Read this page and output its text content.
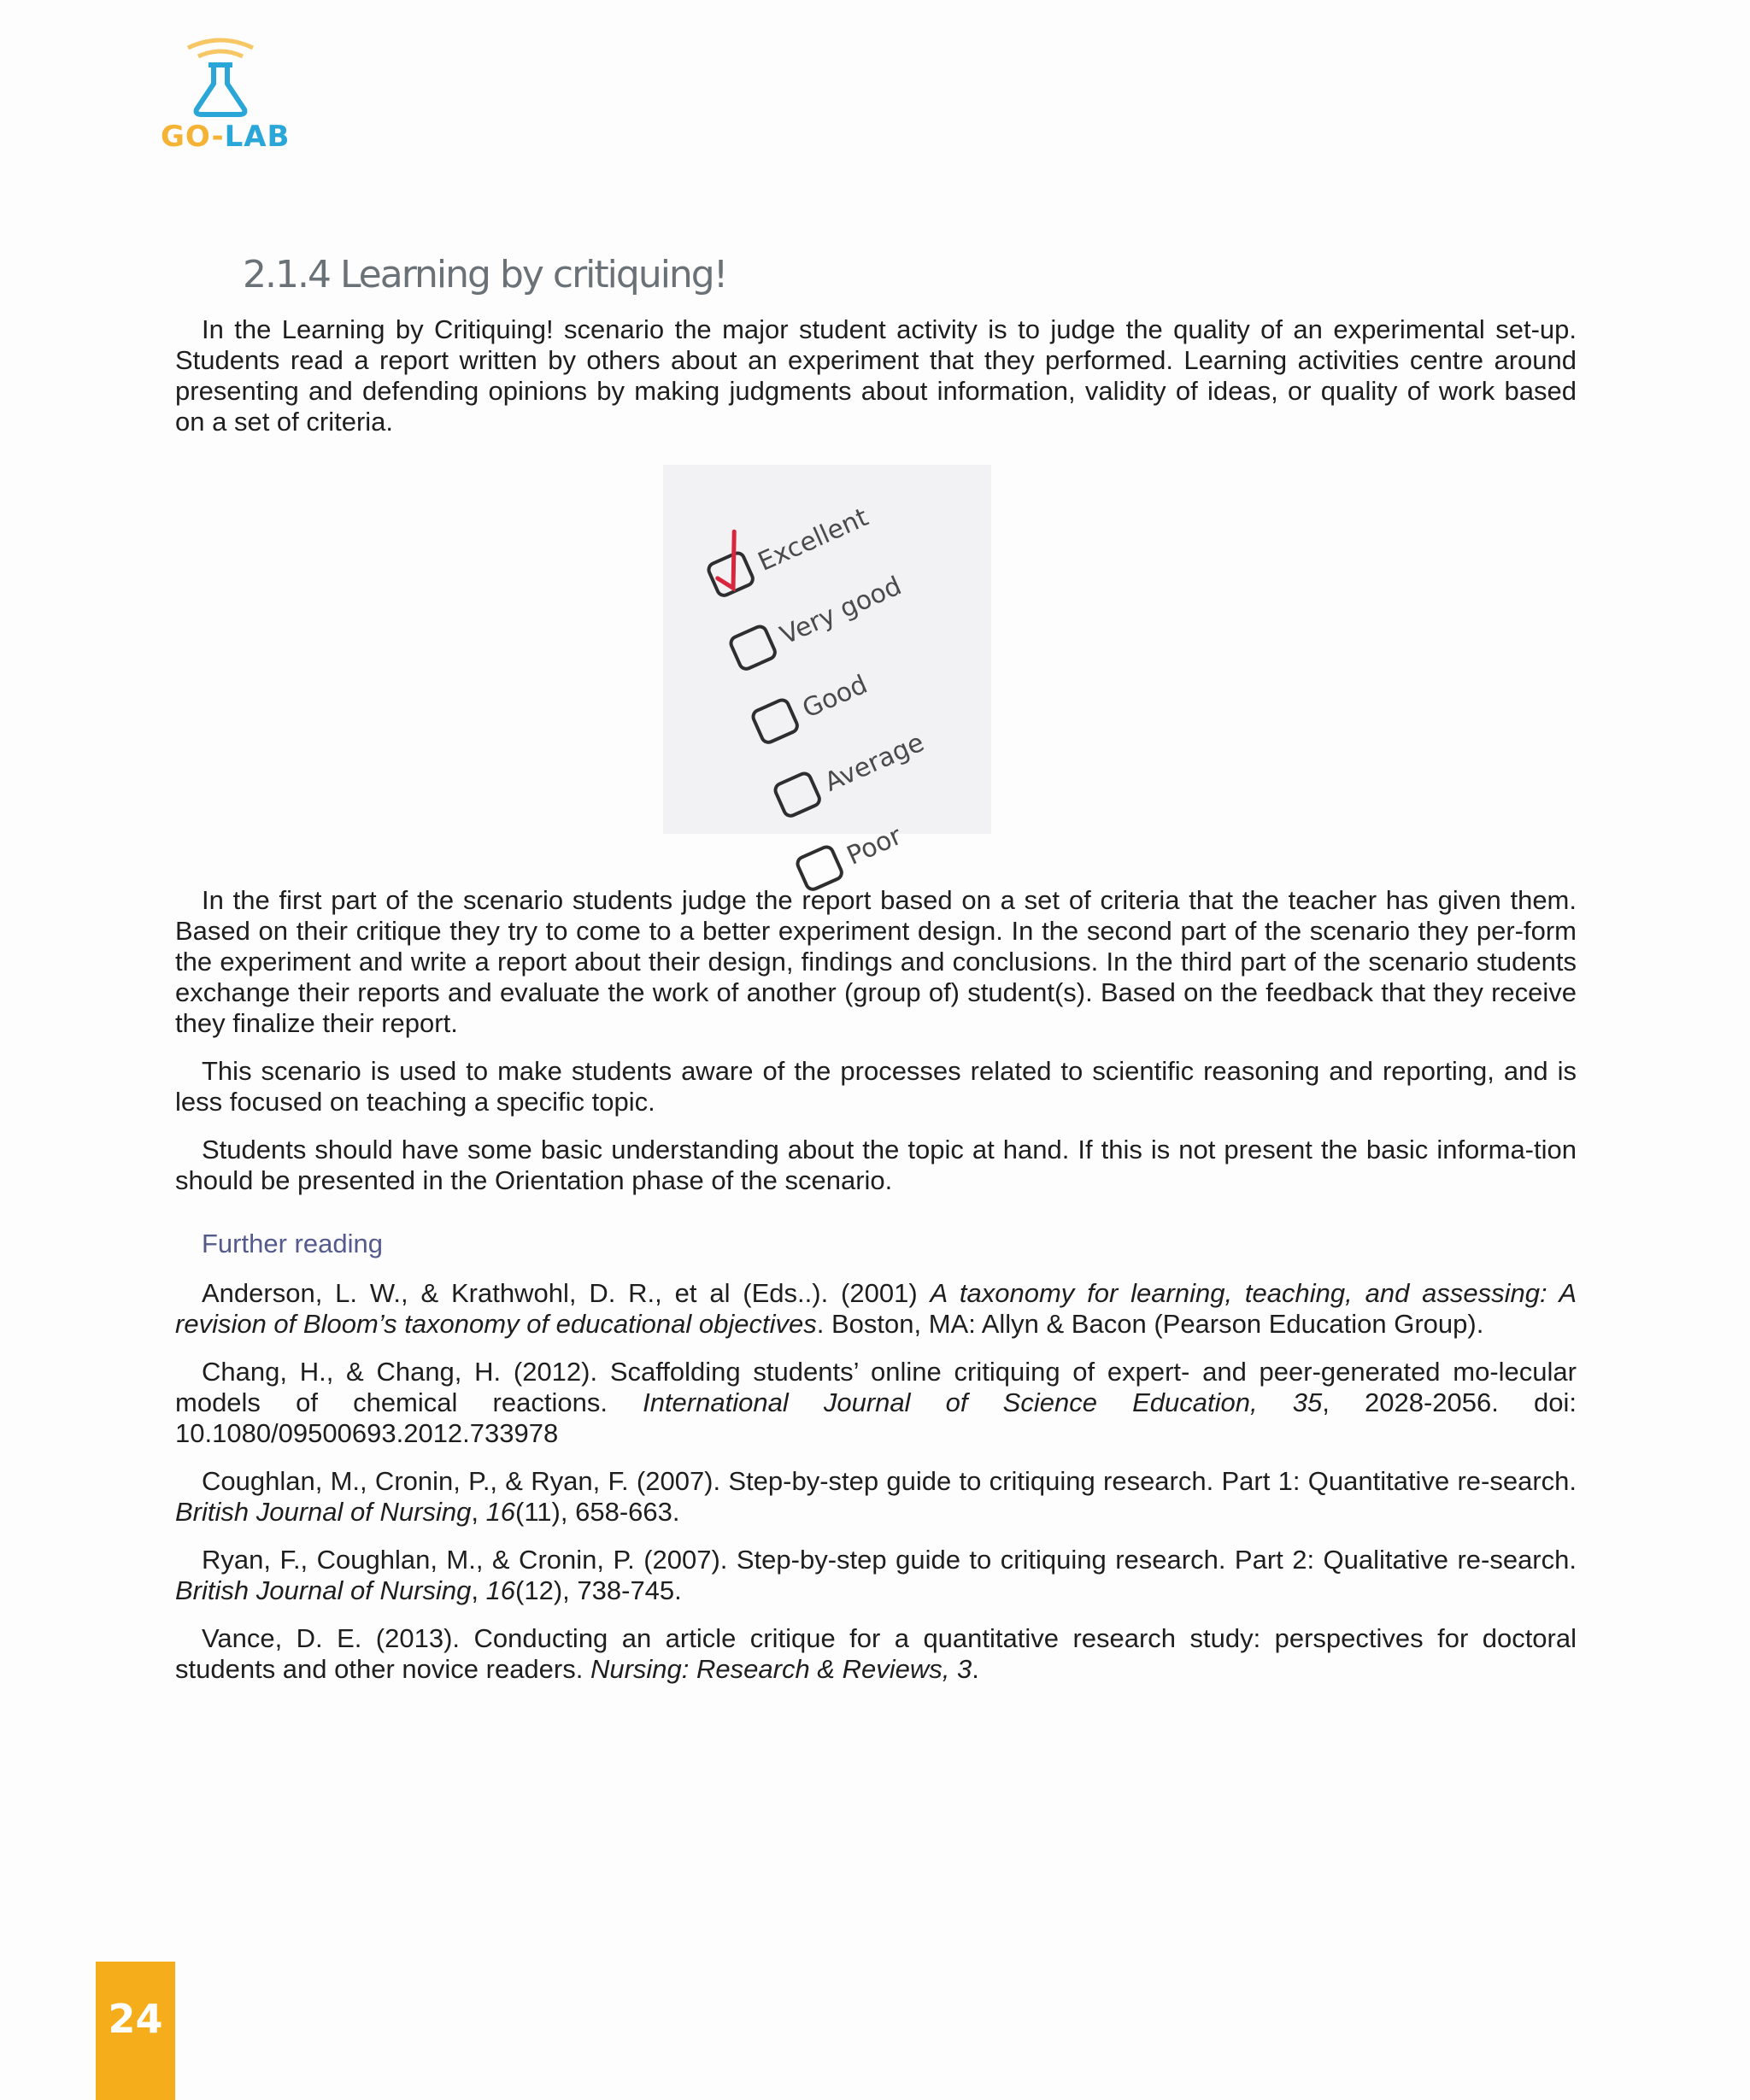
GO-LAB
2.1.4 Learning by critiquing!

In the Learning by Critiquing! scenario the major student activity is to judge the quality of an experimental set-up. Students read a report written by others about an experiment that they performed. Learning activities centre around presenting and defending opinions by making judgments about information, validity of ideas, or quality of work based on a set of criteria.

Excellent
Very good
Good
Average
Poor

In the first part of the scenario students judge the report based on a set of criteria that the teacher has given them. Based on their critique they try to come to a better experiment design. In the second part of the scenario they per-form the experiment and write a report about their design, findings and conclusions. In the third part of the scenario students exchange their reports and evaluate the work of another (group of) student(s). Based on the feedback that they receive they finalize their report.

This scenario is used to make students aware of the processes related to scientific reasoning and reporting, and is less focused on teaching a specific topic.

Students should have some basic understanding about the topic at hand. If this is not present the basic informa-tion should be presented in the Orientation phase of the scenario.

Further reading

Anderson, L. W., & Krathwohl, D. R., et al (Eds..). (2001) A taxonomy for learning, teaching, and assessing: A revision of Bloom’s taxonomy of educational objectives. Boston, MA: Allyn & Bacon (Pearson Education Group).

Chang, H., & Chang, H. (2012). Scaffolding students’ online critiquing of expert- and peer-generated mo-lecular models of chemical reactions. International Journal of Science Education, 35, 2028-2056. doi: 10.1080/09500693.2012.733978

Coughlan, M., Cronin, P., & Ryan, F. (2007). Step-by-step guide to critiquing research. Part 1: Quantitative re-search. British Journal of Nursing, 16(11), 658-663.

Ryan, F., Coughlan, M., & Cronin, P. (2007). Step-by-step guide to critiquing research. Part 2: Qualitative re-search. British Journal of Nursing, 16(12), 738-745.

Vance, D. E. (2013). Conducting an article critique for a quantitative research study: perspectives for doctoral students and other novice readers. Nursing: Research & Reviews, 3.

24
